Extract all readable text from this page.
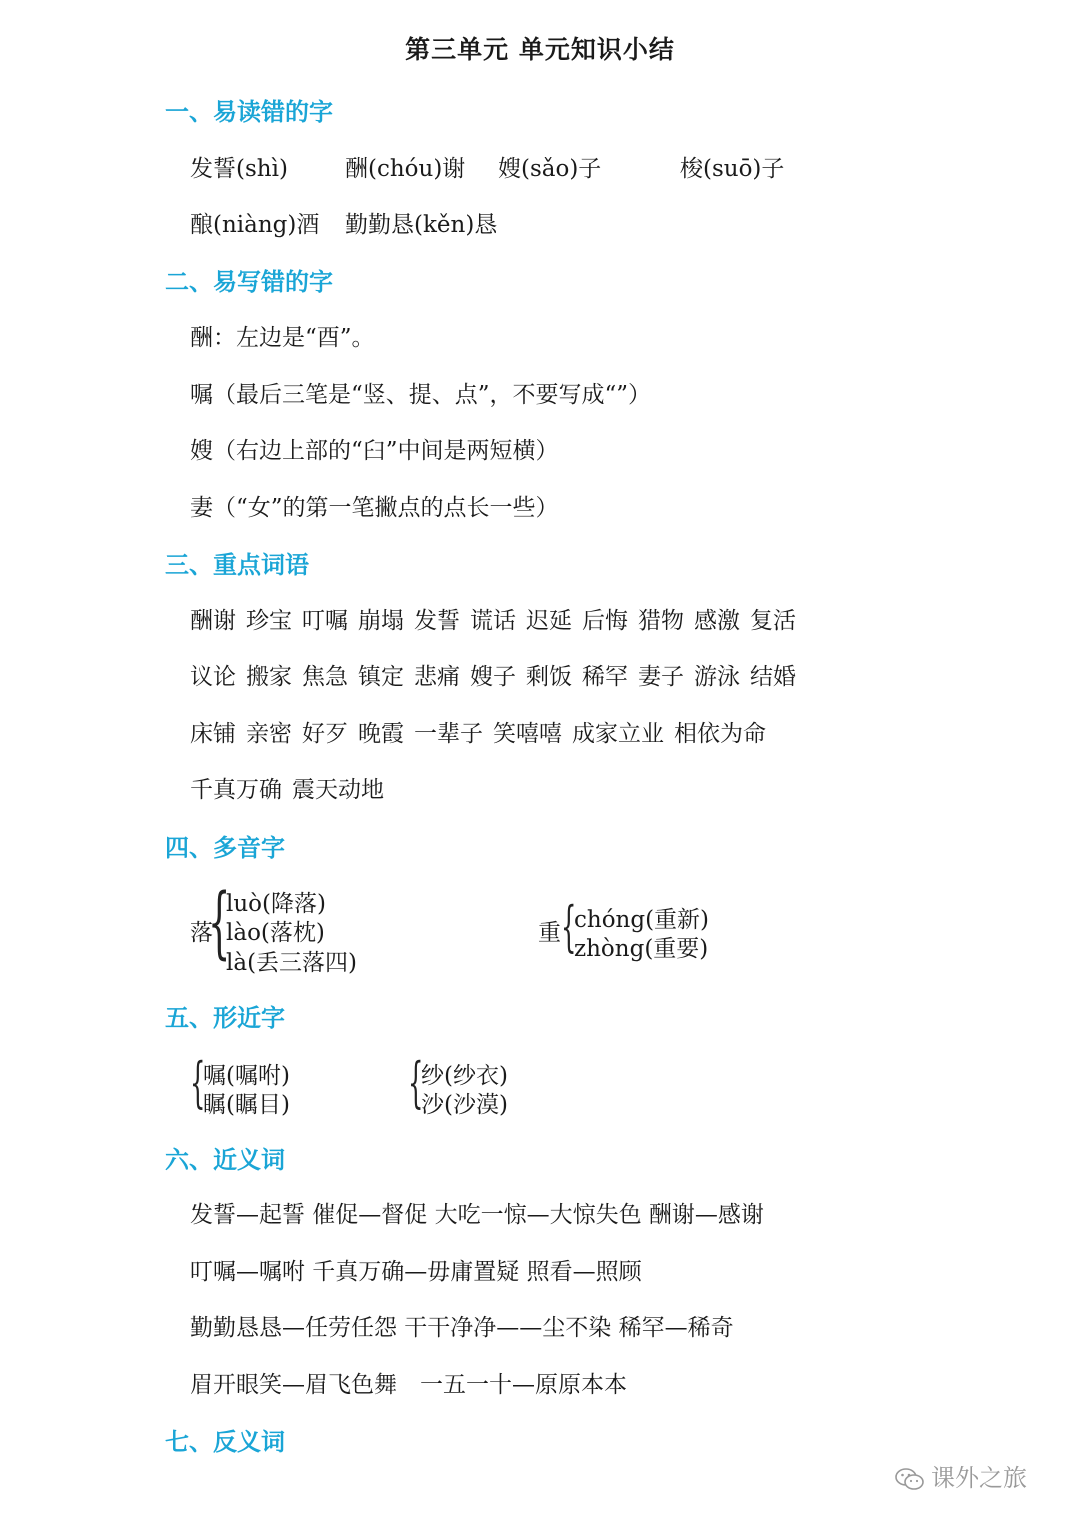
第三单元 单元知识小结
一、易读错的字
发誓(shì) 酬(chóu)谢 嫂(sǎo)子	梭(suō)子
酿(niàng)酒 勤勤恳(kěn)恳
二、易写错的字
酬：左边是“酉”。
嘱（最后三笔是“竖、提、点”，不要写成“”）
嫂（右边上部的“臼”中间是两短横）
妻（“女”的第一笔撇点的点长一些）
三、重点词语
酬谢 珍宝 叮嘱 崩塌 发誓 谎话 迟延 后悔 猎物 感激 复活
议论 搬家 焦急 镇定 悲痛 嫂子 剩饭 稀罕 妻子 游泳 结婚
床铺 亲密 好歹 晚霞 一辈子 笑嘻嘻 成家立业 相依为命
千真万确 震天动地
四、多音字
落
{
luò(降落)
lào(落枕)
là(丢三落四)
重 {
chóng(重新)
zhòng(重要)
五、形近字
{
嘱(嘱咐)
瞩(瞩目) {
纱(纱衣)
沙(沙漠)
六、近义词
发誓—起誓 催促—督促 大吃一惊—大惊失色 酬谢—感谢
叮嘱—嘱咐 千真万确—毋庸置疑 照看—照顾
勤勤恳恳—任劳任怨 干干净净——尘不染 稀罕—稀奇
眉开眼笑—眉飞色舞　一五一十—原原本本
七、反义词
课外之旅
